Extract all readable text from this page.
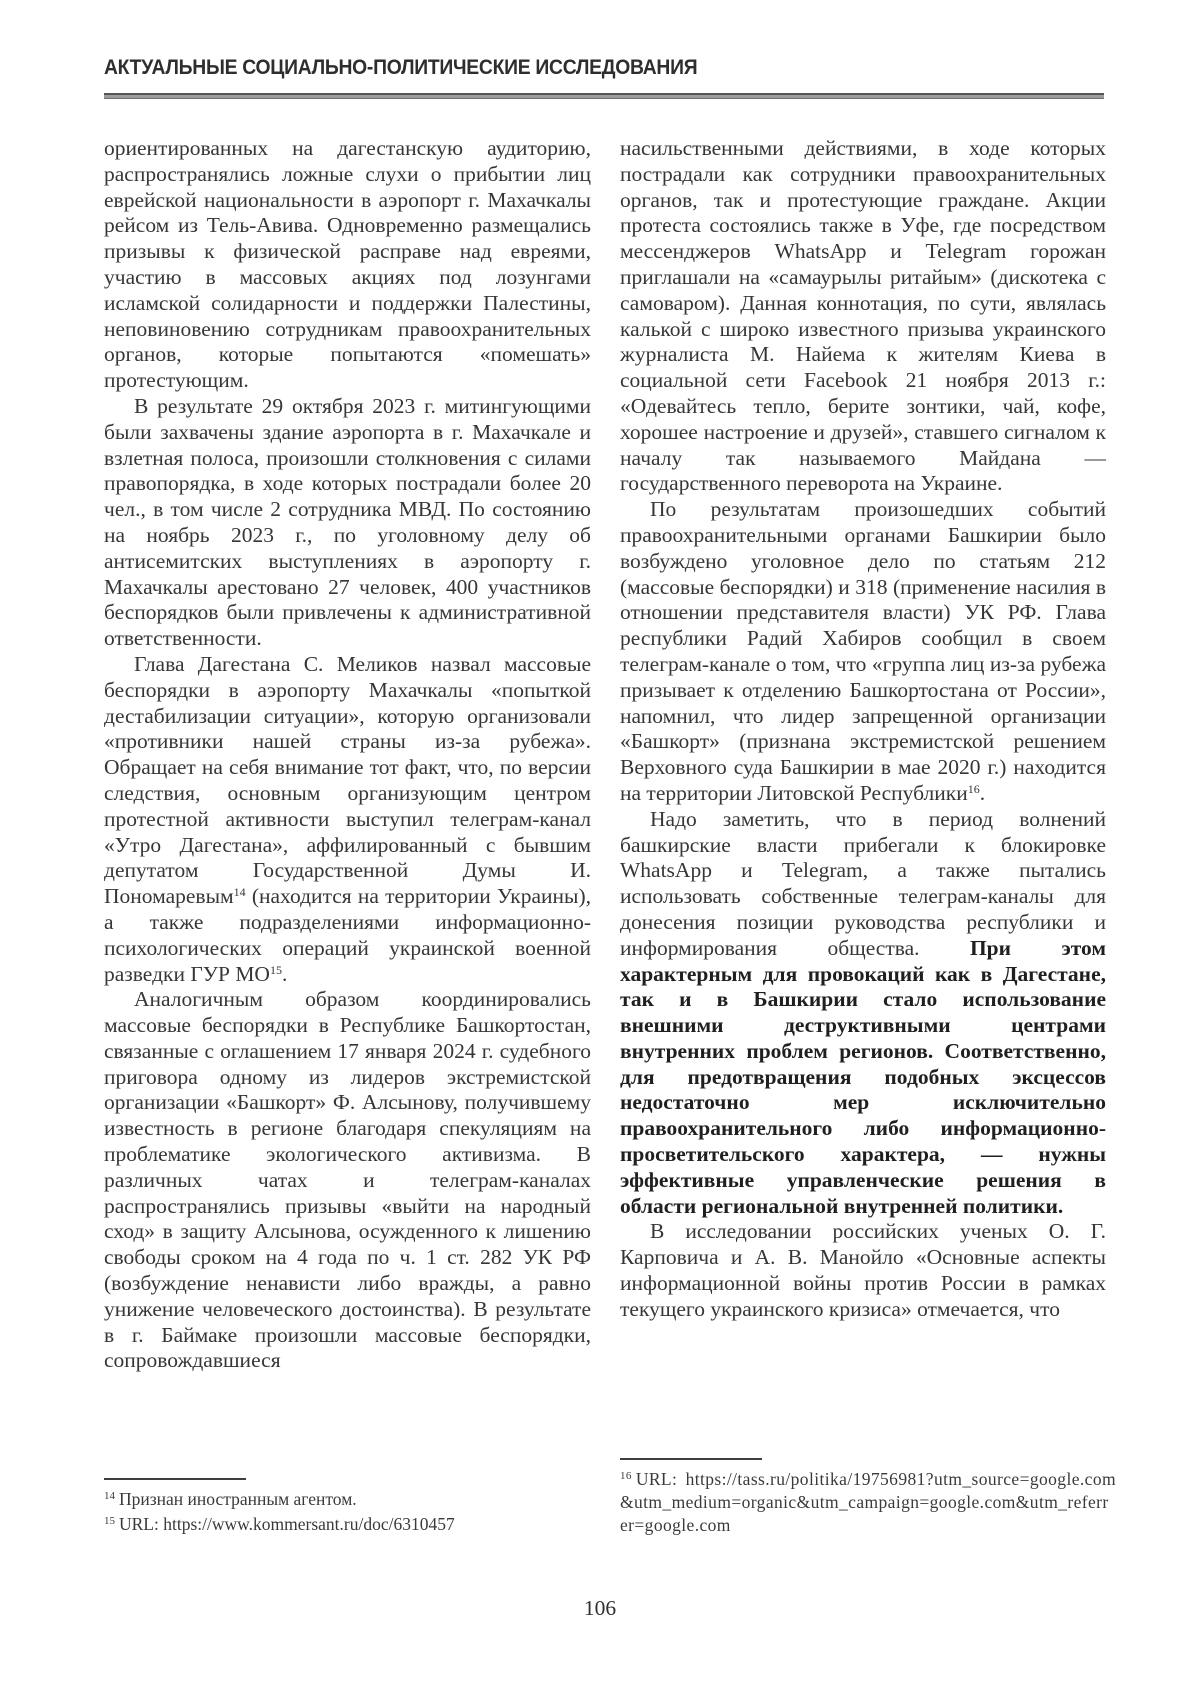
АКТУАЛЬНЫЕ СОЦИАЛЬНО-ПОЛИТИЧЕСКИЕ ИССЛЕДОВАНИЯ

ориентированных на дагестанскую аудиторию, распространялись ложные слухи о прибытии лиц еврейской национальности в аэропорт г. Махачкалы рейсом из Тель-Авива. Одновременно размещались призывы к физической расправе над евреями, участию в массовых акциях под лозунгами исламской солидарности и поддержки Палестины, неповиновению сотрудникам правоохранительных органов, которые попытаются «помешать» протестующим.

В результате 29 октября 2023 г. митингующими были захвачены здание аэропорта в г. Махачкале и взлетная полоса, произошли столкновения с силами правопорядка, в ходе которых пострадали более 20 чел., в том числе 2 сотрудника МВД. По состоянию на ноябрь 2023 г., по уголовному делу об антисемитских выступлениях в аэропорту г. Махачкалы арестовано 27 человек, 400 участников беспорядков были привлечены к административной ответственности.

Глава Дагестана С. Меликов назвал массовые беспорядки в аэропорту Махачкалы «попыткой дестабилизации ситуации», которую организовали «противники нашей страны из-за рубежа». Обращает на себя внимание тот факт, что, по версии следствия, основным организующим центром протестной активности выступил телеграм-канал «Утро Дагестана», аффилированный с бывшим депутатом Государственной Думы И. Пономаревым$^{14}$ (находится на территории Украины), а также подразделениями информационно-психологических операций украинской военной разведки ГУР МО$^{15}$.

Аналогичным образом координировались массовые беспорядки в Республике Башкортостан, связанные с оглашением 17 января 2024 г. судебного приговора одному из лидеров экстремистской организации «Башкорт» Ф. Алсынову, получившему известность в регионе благодаря спекуляциям на проблематике экологического активизма. В различных чатах и телеграм-каналах распространялись призывы «выйти на народный сход» в защиту Алсынова, осужденного к лишению свободы сроком на 4 года по ч. 1 ст. 282 УК РФ (возбуждение ненависти либо вражды, а равно унижение человеческого достоинства). В результате в г. Баймаке произошли массовые беспорядки, сопровождавшиеся

насильственными действиями, в ходе которых пострадали как сотрудники правоохранительных органов, так и протестующие граждане. Акции протеста состоялись также в Уфе, где посредством мессенджеров WhatsApp и Telegram горожан приглашали на «самаурылы ритайым» (дискотека с самоваром). Данная коннотация, по сути, являлась калькой с широко известного призыва украинского журналиста М. Найема к жителям Киева в социальной сети Facebook 21 ноября 2013 г.: «Одевайтесь тепло, берите зонтики, чай, кофе, хорошее настроение и друзей», ставшего сигналом к началу так называемого Майдана — государственного переворота на Украине.

По результатам произошедших событий правоохранительными органами Башкирии было возбуждено уголовное дело по статьям 212 (массовые беспорядки) и 318 (применение насилия в отношении представителя власти) УК РФ. Глава республики Радий Хабиров сообщил в своем телеграм-канале о том, что «группа лиц из-за рубежа призывает к отделению Башкортостана от России», напомнил, что лидер запрещенной организации «Башкорт» (признана экстремистской решением Верховного суда Башкирии в мае 2020 г.) находится на территории Литовской Республики$^{16}$.

Надо заметить, что в период волнений башкирские власти прибегали к блокировке WhatsApp и Telegram, а также пытались использовать собственные телеграм-каналы для донесения позиции руководства республики и информирования общества. При этом характерным для провокаций как в Дагестане, так и в Башкирии стало использование внешними деструктивными центрами внутренних проблем регионов. Соответственно, для предотвращения подобных эксцессов недостаточно мер исключительно правоохранительного либо информационно-просветительского характера, — нужны эффективные управленческие решения в области региональной внутренней политики.

В исследовании российских ученых О. Г. Карповича и А. В. Манойло «Основные аспекты информационной войны против России в рамках текущего украинского кризиса» отмечается, что

$^{14}$ Признан иностранным агентом.

$^{15}$ URL: https://www.kommersant.ru/doc/6310457

$^{16}$ URL: https://tass.ru/politika/19756981?utm_source=google.com&utm_medium=organic&utm_campaign=google.com&utm_referrer=google.com

106
